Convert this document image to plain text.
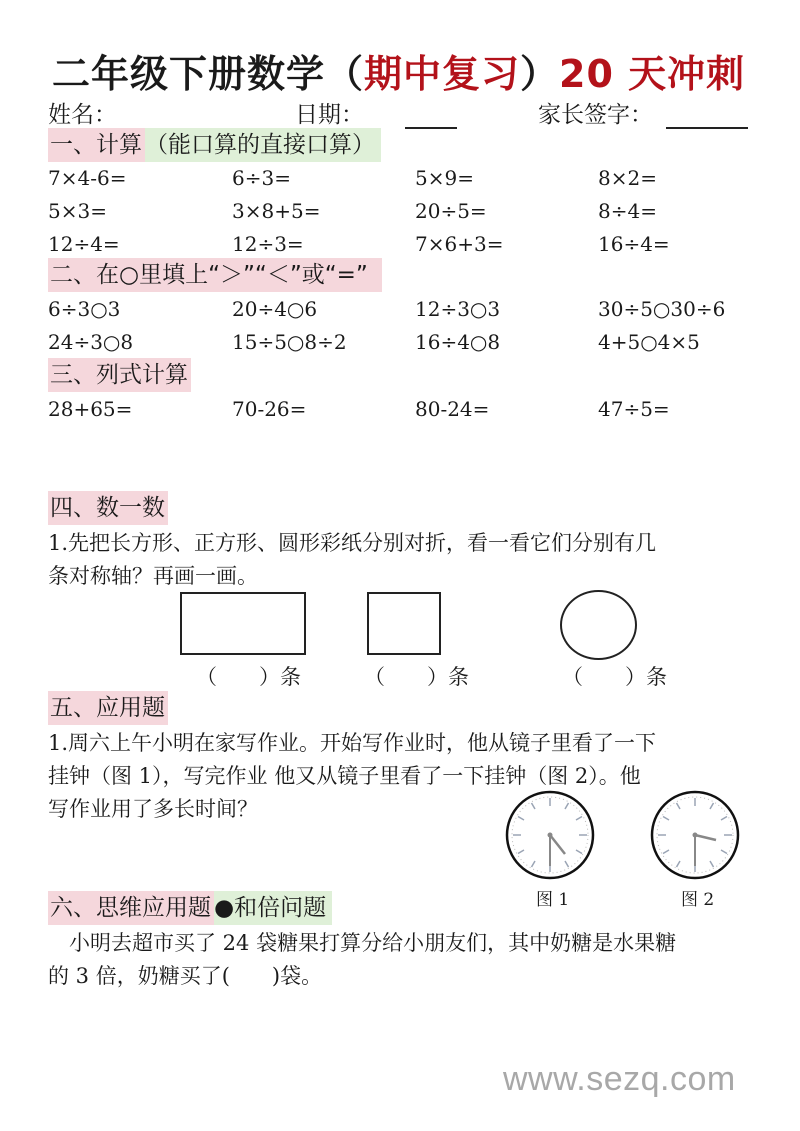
二年级下册数学（期中复习）20 天冲刺
姓名：	日期：	家长签字：
一、计算 （能口算的直接口算）
7×4-6=	6÷3=	5×9=	8×2=
5×3=	3×8+5=	20÷5=	8÷4=
12÷4=	12÷3=	7×6+3=	16÷4=
二、在○里填上“＞”“＜”或“=”
6÷3○3	20÷4○6	12÷3○3	30÷5○30÷6
24÷3○8	15÷5○8÷2	16÷4○8	4+5○4×5
三、列式计算
28+65=	70-26=	80-24=	47÷5=
四、数一数
1.先把长方形、正方形、圆形彩纸分别对折，看一看它们分别有几
条对称轴？再画一画。
（　　）条	（　　）条	（　　）条
五、应用题
1.周六上午小明在家写作业。开始写作业时，他从镜子里看了一下
挂钟（图 1），写完作业 他又从镜子里看了一下挂钟（图 2）。他
写作业用了多长时间？
图 1	图 2
六、思维应用题 ●和倍问题
　小明去超市买了 24 袋糖果打算分给小朋友们，其中奶糖是水果糖
的 3 倍，奶糖买了(　　)袋。
www.sezq.com
